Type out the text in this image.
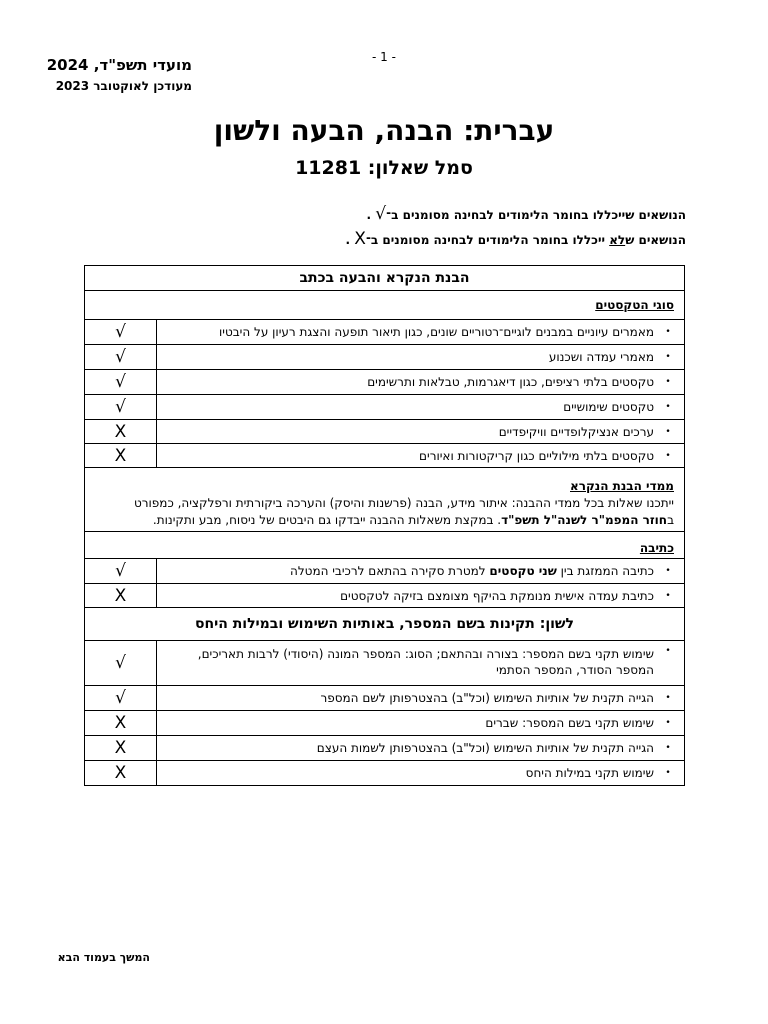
- 1 -
מועדי תשפ"ד, 2024
מעודכן לאוקטובר 2023
עברית: הבנה, הבעה ולשון
סמל שאלון: 11281
הנושאים שייכללו בחומר הלימודים לבחינה מסומנים ב־√ .
הנושאים שלא ייכללו בחומר הלימודים לבחינה מסומנים ב־X .
הבנת הנקרא והבעה בכתב
סוגי הטקסטים
•
מאמרים עיוניים במבנים לוגיים־רטוריים שונים, כגון תיאור תופעה והצגת רעיון על היבטיו
√
•
מאמרי עמדה ושכנוע
√
•
טקסטים בלתי רציפים, כגון דיאגרמות, טבלאות ותרשימים
√
•
טקסטים שימושיים
√
•
ערכים אנציקלופדיים וויקיפדיים
X
•
טקסטים בלתי מילוליים כגון קריקטורות ואיורים
X
ממדי הבנת הנקרא
ייתכנו שאלות בכל ממדי ההבנה: איתור מידע, הבנה (פרשנות והיסק) והערכה ביקורתית ורפלקציה, כמפורט
בחוזר המפמ"ר לשנה"ל תשפ"ד. במקצת משאלות ההבנה ייבדקו גם היבטים של ניסוח, מבע ותקינות.
כתיבה
•
כתיבה הממזגת בין שני טקסטים למטרת סקירה בהתאם לרכיבי המטלה
√
•
כתיבת עמדה אישית מנומקת בהיקף מצומצם בזיקה לטקסטים
X
לשון: תקינות בשם המספר, באותיות השימוש ובמילות היחס
•
שימוש תקני בשם המספר: בצורה ובהתאם; הסוג: המספר המונה (היסודי) לרבות תאריכים,
המספר הסודר, המספר הסתמי
√
•
הגייה תקנית של אותיות השימוש (וכל"ב) בהצטרפותן לשם המספר
√
•
שימוש תקני בשם המספר: שברים
X
•
הגייה תקנית של אותיות השימוש (וכל"ב) בהצטרפותן לשמות העצם
X
•
שימוש תקני במילות היחס
X
המשך בעמוד הבא
